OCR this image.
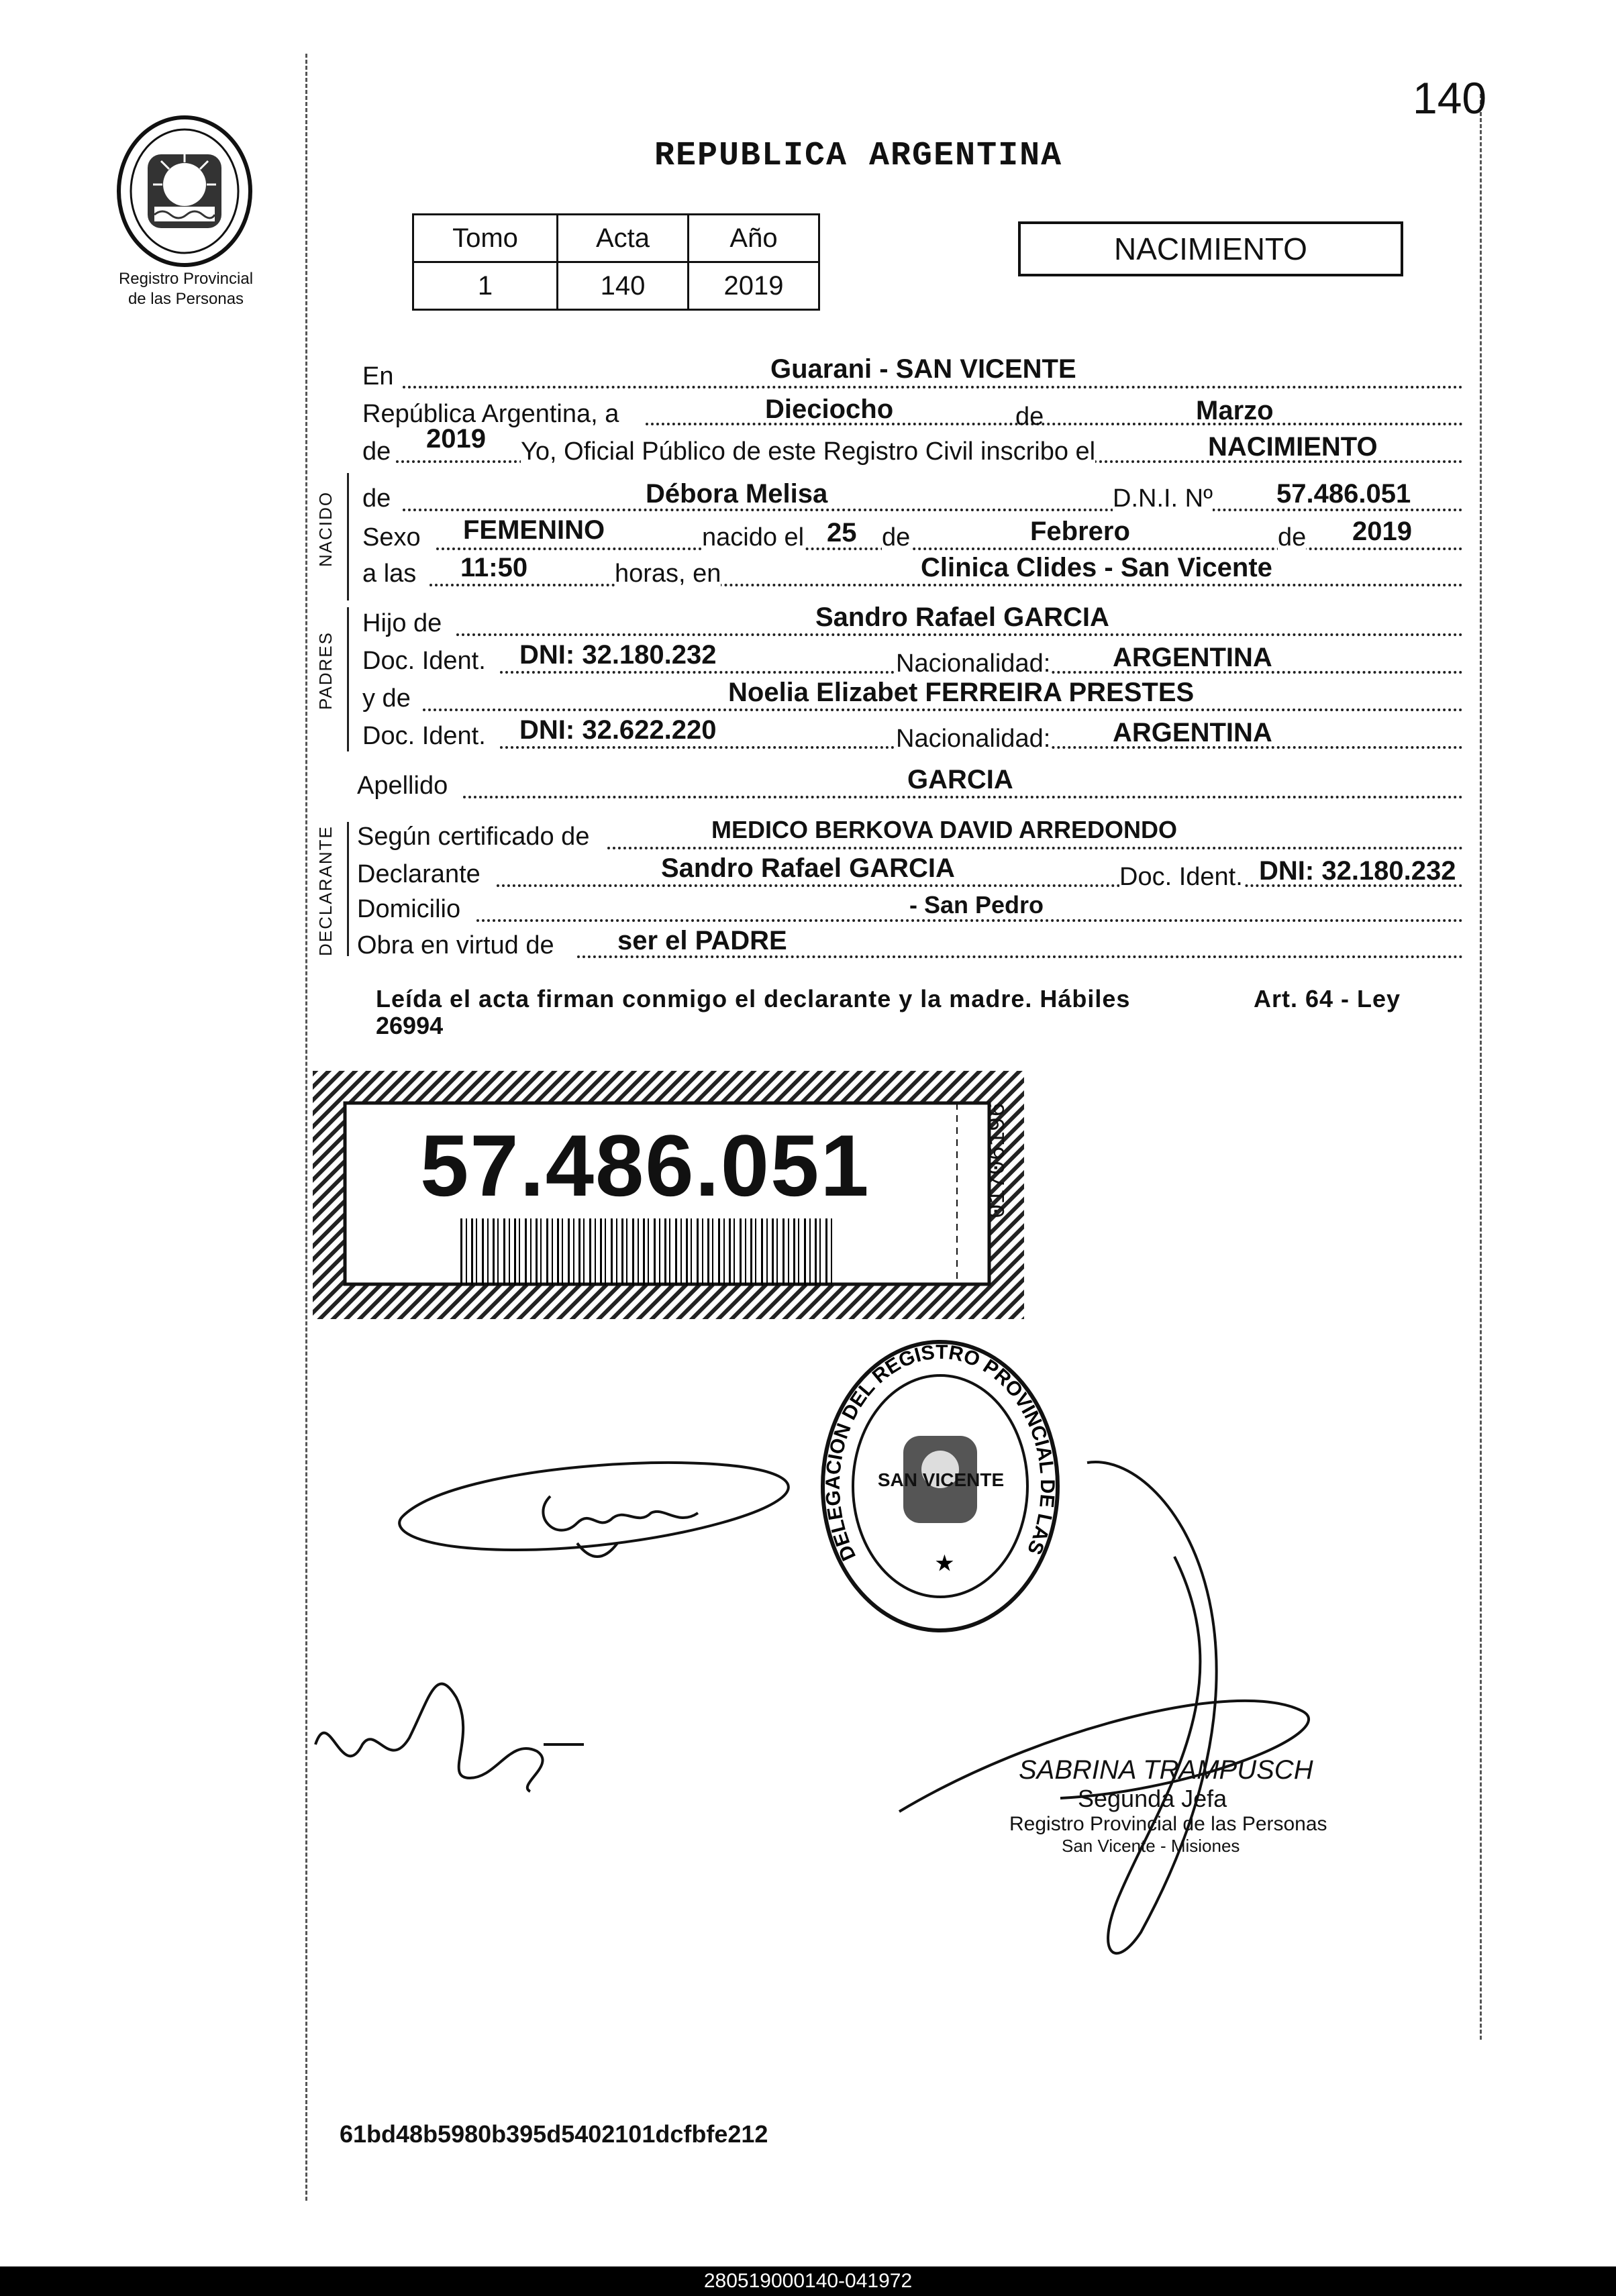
140
Registro Provincial
de las Personas
REPUBLICA ARGENTINA
Tomo	Acta	Año
1	140	2019
NACIMIENTO
NACIDO
PADRES
DECLARANTE
En	Guarani - SAN VICENTE
República Argentina, a	Dieciocho	de	Marzo
de 2019 Yo, Oficial Público de este Registro Civil inscribo el	NACIMIENTO
de	Débora Melisa	D.N.I. Nº 57.486.051
Sexo FEMENINO	nacido el 25 de	Febrero	de 2019
a las 11:50	horas, en	Clinica Clides - San Vicente
Hijo de	Sandro Rafael GARCIA
Doc. Ident. DNI: 32.180.232	Nacionalidad: ARGENTINA
y de	Noelia Elizabet FERREIRA PRESTES
Doc. Ident. DNI: 32.622.220	Nacionalidad: ARGENTINA
Apellido	GARCIA
Según certificado de	MEDICO BERKOVA DAVID ARREDONDO
Declarante	Sandro Rafael GARCIA	Doc. Ident. DNI: 32.180.232
Domicilio	- San Pedro
Obra en virtud de ser el PADRE
Leída el acta firman conmigo el declarante y la madre. Hábiles	Art. 64 - Ley
26994
57.486.051	01706196
★
DELEGACION DEL REGISTRO PROVINCIAL DE LAS
SAN VICENTE
SABRINA TRAMPUSCH
Segunda Jefa
Registro Provincial de las Personas
San Vicente - Misiones
61bd48b5980b395d5402101dcfbfe212
280519000140-041972
